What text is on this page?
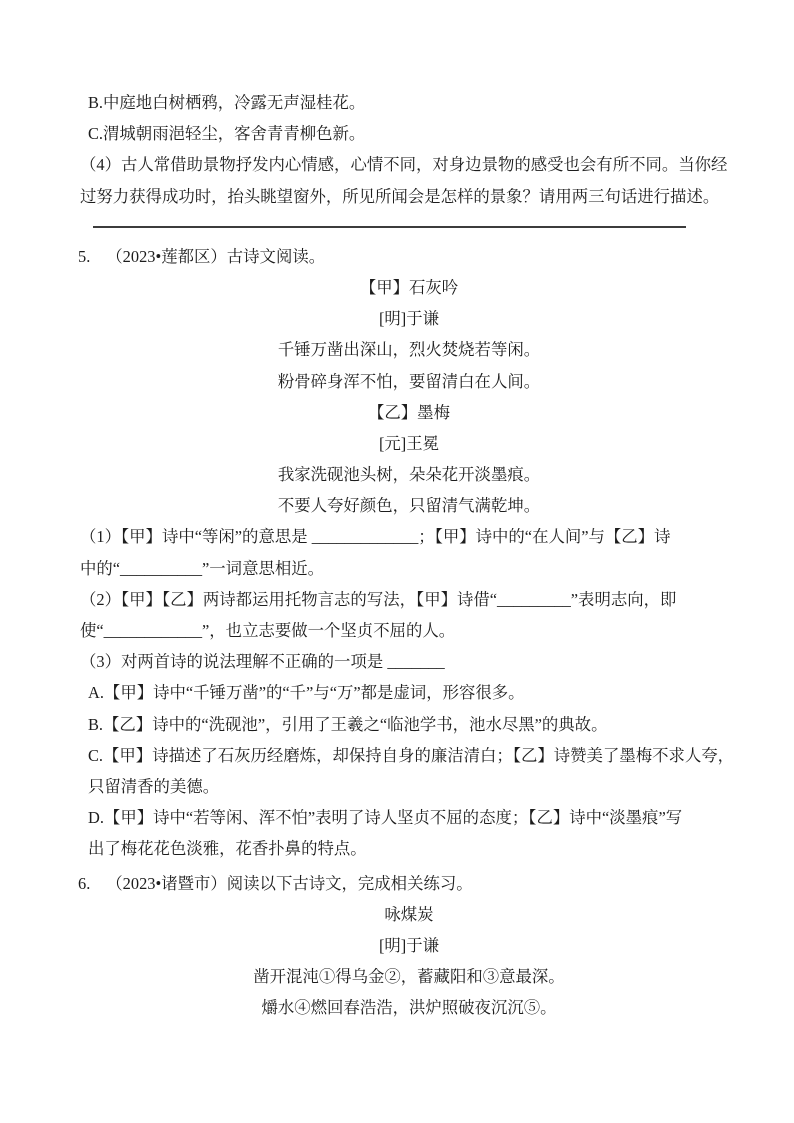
B.中庭地白树栖鸦，冷露无声湿桂花。
C.渭城朝雨浥轻尘，客舍青青柳色新。
（4）古人常借助景物抒发内心情感，心情不同，对身边景物的感受也会有所不同。当你经
过努力获得成功时，抬头眺望窗外，所见所闻会是怎样的景象？请用两三句话进行描述。
5. （2023•莲都区）古诗文阅读。
【甲】石灰吟
[明]于谦
千锤万凿出深山，烈火焚烧若等闲。
粉骨碎身浑不怕，要留清白在人间。
【乙】墨梅
[元]王冕
我家洗砚池头树，朵朵花开淡墨痕。
不要人夸好颜色，只留清气满乾坤。
（1）【甲】诗中“等闲”的意思是 _____________；【甲】诗中的“在人间”与【乙】诗
中的“__________”一词意思相近。
（2）【甲】【乙】两诗都运用托物言志的写法，【甲】诗借“_________”表明志向，即
使“____________”，也立志要做一个坚贞不屈的人。
（3）对两首诗的说法理解不正确的一项是 _______
A.【甲】诗中“千锤万凿”的“千”与“万”都是虚词，形容很多。
B.【乙】诗中的“洗砚池”，引用了王羲之“临池学书，池水尽黑”的典故。
C.【甲】诗描述了石灰历经磨炼，却保持自身的廉洁清白；【乙】诗赞美了墨梅不求人夸，
只留清香的美德。
D.【甲】诗中“若等闲、浑不怕”表明了诗人坚贞不屈的态度；【乙】诗中“淡墨痕”写
出了梅花花色淡雅，花香扑鼻的特点。
6. （2023•诸暨市）阅读以下古诗文，完成相关练习。
咏煤炭
[明]于谦
凿开混沌①得乌金②，蓄藏阳和③意最深。
爝水④燃回春浩浩，洪炉照破夜沉沉⑤。
